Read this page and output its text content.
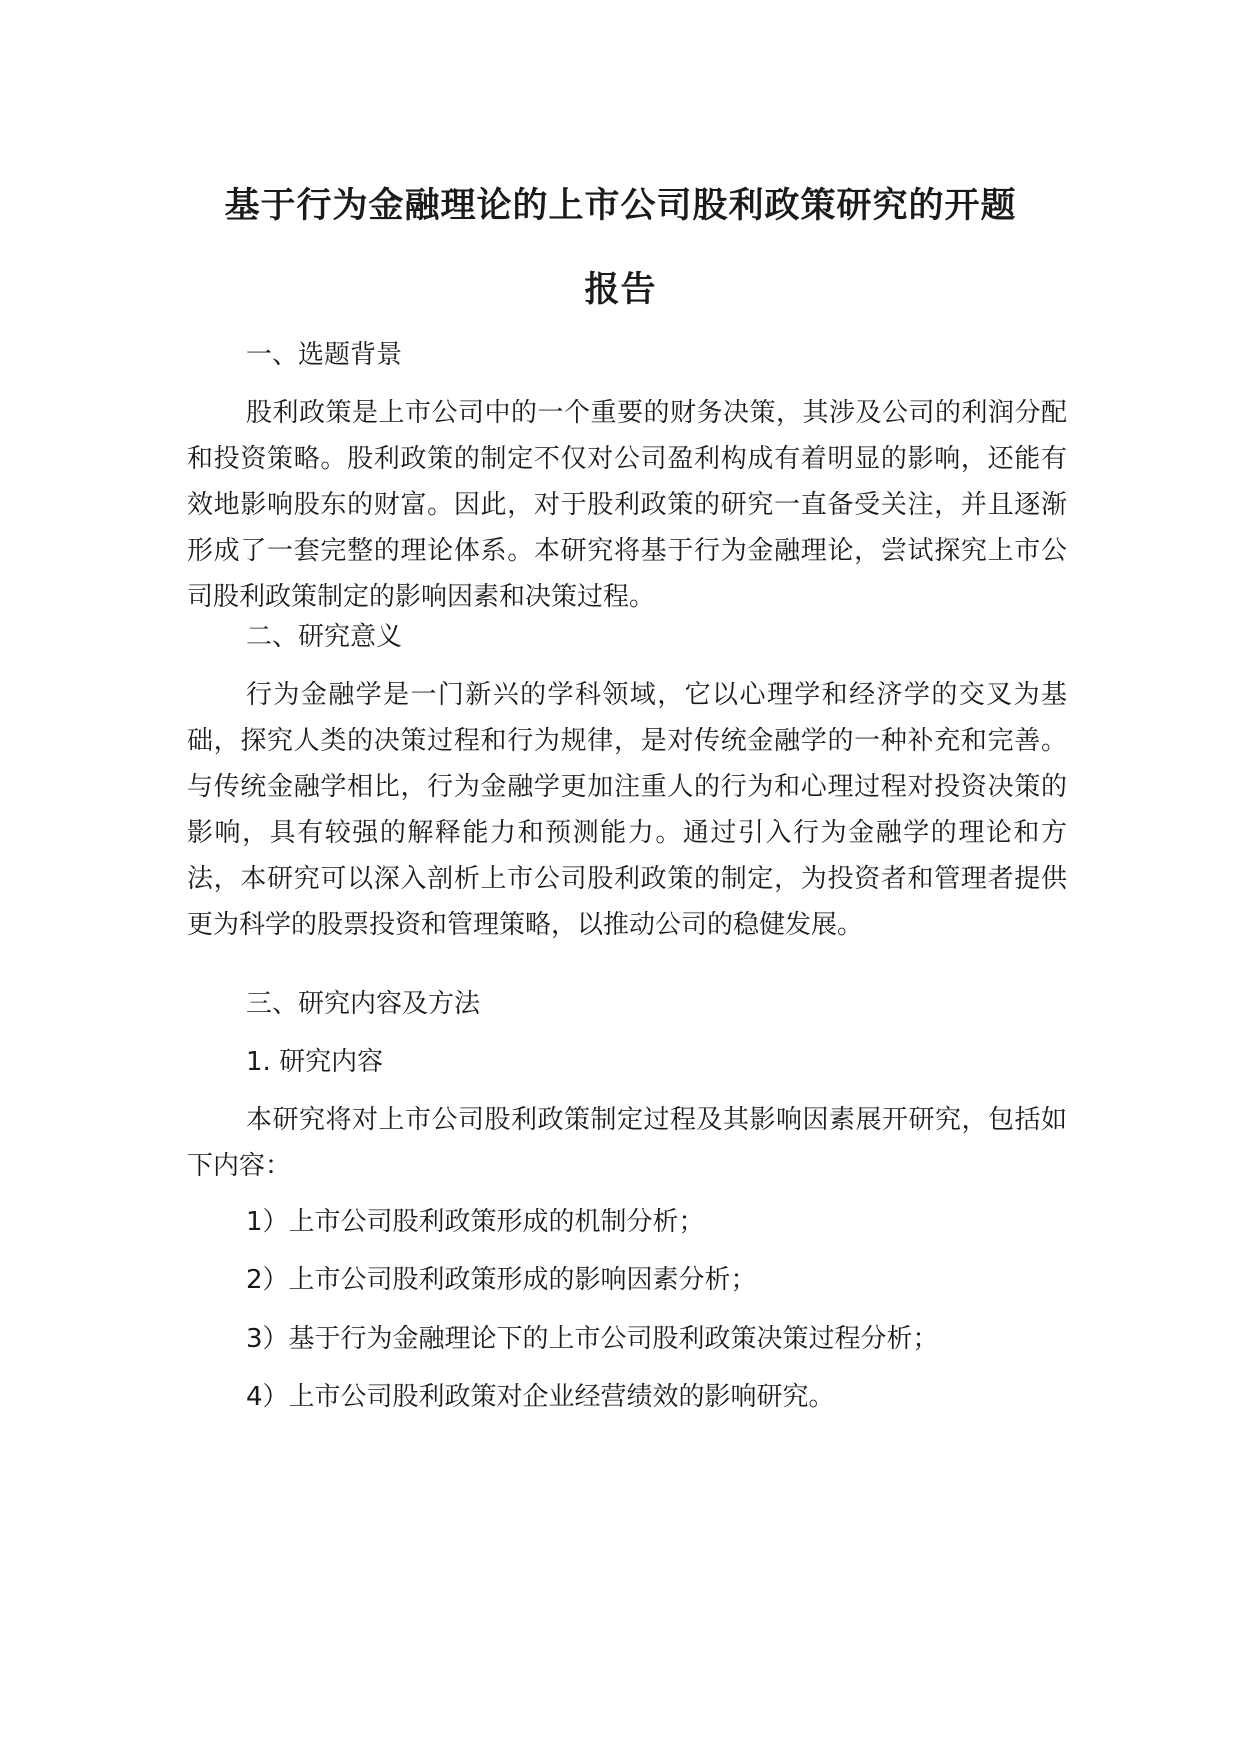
基于行为金融理论的上市公司股利政策研究的开题
报告

一、选题背景

股利政策是上市公司中的一个重要的财务决策，其涉及公司的利润分配和投资策略。股利政策的制定不仅对公司盈利构成有着明显的影响，还能有效地影响股东的财富。因此，对于股利政策的研究一直备受关注，并且逐渐形成了一套完整的理论体系。本研究将基于行为金融理论，尝试探究上市公司股利政策制定的影响因素和决策过程。

二、研究意义

行为金融学是一门新兴的学科领域，它以心理学和经济学的交叉为基础，探究人类的决策过程和行为规律，是对传统金融学的一种补充和完善。与传统金融学相比，行为金融学更加注重人的行为和心理过程对投资决策的影响，具有较强的解释能力和预测能力。通过引入行为金融学的理论和方法，本研究可以深入剖析上市公司股利政策的制定，为投资者和管理者提供更为科学的股票投资和管理策略，以推动公司的稳健发展。

三、研究内容及方法

1. 研究内容

本研究将对上市公司股利政策制定过程及其影响因素展开研究，包括如下内容：

1）上市公司股利政策形成的机制分析；

2）上市公司股利政策形成的影响因素分析；

3）基于行为金融理论下的上市公司股利政策决策过程分析；

4）上市公司股利政策对企业经营绩效的影响研究。
